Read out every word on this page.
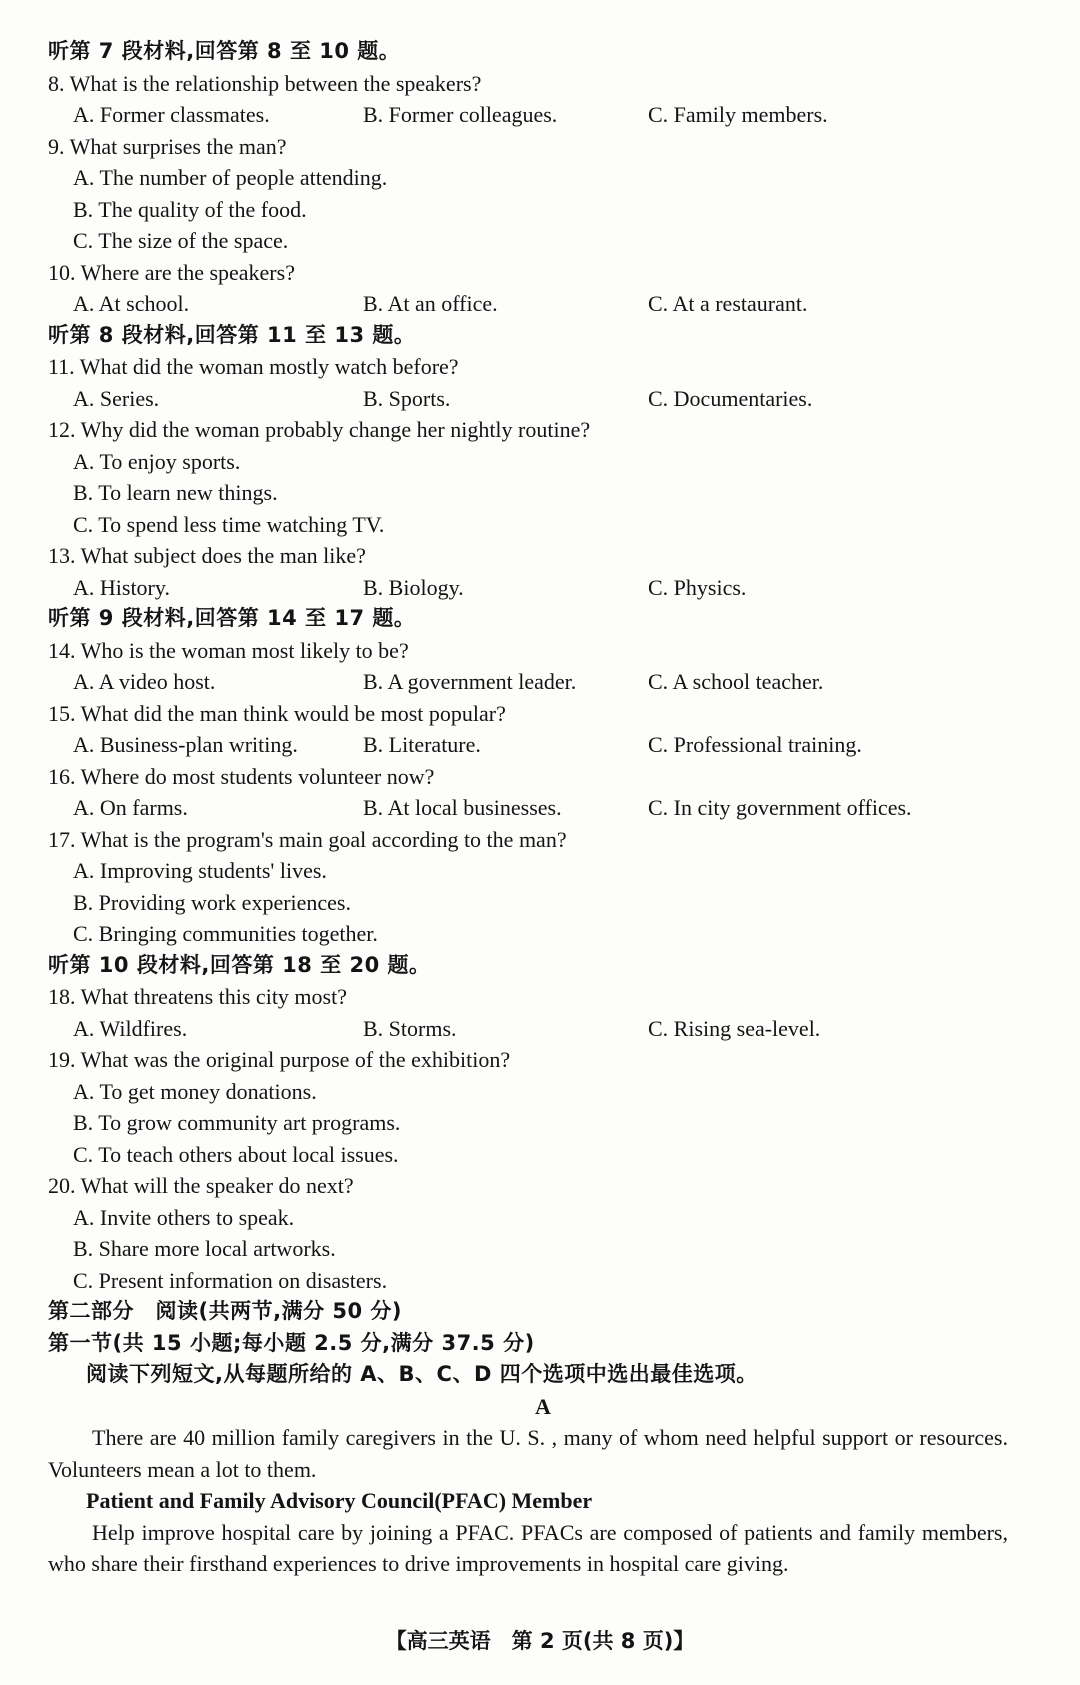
听第 7 段材料,回答第 8 至 10 题。
8. What is the relationship between the speakers?
A. Former classmates.	B. Former colleagues.	C. Family members.
9. What surprises the man?
A. The number of people attending.
B. The quality of the food.
C. The size of the space.
10. Where are the speakers?
A. At school.	B. At an office.	C. At a restaurant.
听第 8 段材料,回答第 11 至 13 题。
11. What did the woman mostly watch before?
A. Series.	B. Sports.	C. Documentaries.
12. Why did the woman probably change her nightly routine?
A. To enjoy sports.
B. To learn new things.
C. To spend less time watching TV.
13. What subject does the man like?
A. History.	B. Biology.	C. Physics.
听第 9 段材料,回答第 14 至 17 题。
14. Who is the woman most likely to be?
A. A video host.	B. A government leader.	C. A school teacher.
15. What did the man think would be most popular?
A. Business-plan writing.	B. Literature.	C. Professional training.
16. Where do most students volunteer now?
A. On farms.	B. At local businesses.	C. In city government offices.
17. What is the program's main goal according to the man?
A. Improving students' lives.
B. Providing work experiences.
C. Bringing communities together.
听第 10 段材料,回答第 18 至 20 题。
18. What threatens this city most?
A. Wildfires.	B. Storms.	C. Rising sea-level.
19. What was the original purpose of the exhibition?
A. To get money donations.
B. To grow community art programs.
C. To teach others about local issues.
20. What will the speaker do next?
A. Invite others to speak.
B. Share more local artworks.
C. Present information on disasters.
第二部分　阅读(共两节,满分 50 分)
第一节(共 15 小题;每小题 2.5 分,满分 37.5 分)
阅读下列短文,从每题所给的 A、B、C、D 四个选项中选出最佳选项。
A
There are 40 million family caregivers in the U. S. , many of whom need helpful support or resources. Volunteers mean a lot to them.
Patient and Family Advisory Council(PFAC) Member
Help improve hospital care by joining a PFAC. PFACs are composed of patients and family members, who share their firsthand experiences to drive improvements in hospital care giving.
【高三英语　第 2 页(共 8 页)】
